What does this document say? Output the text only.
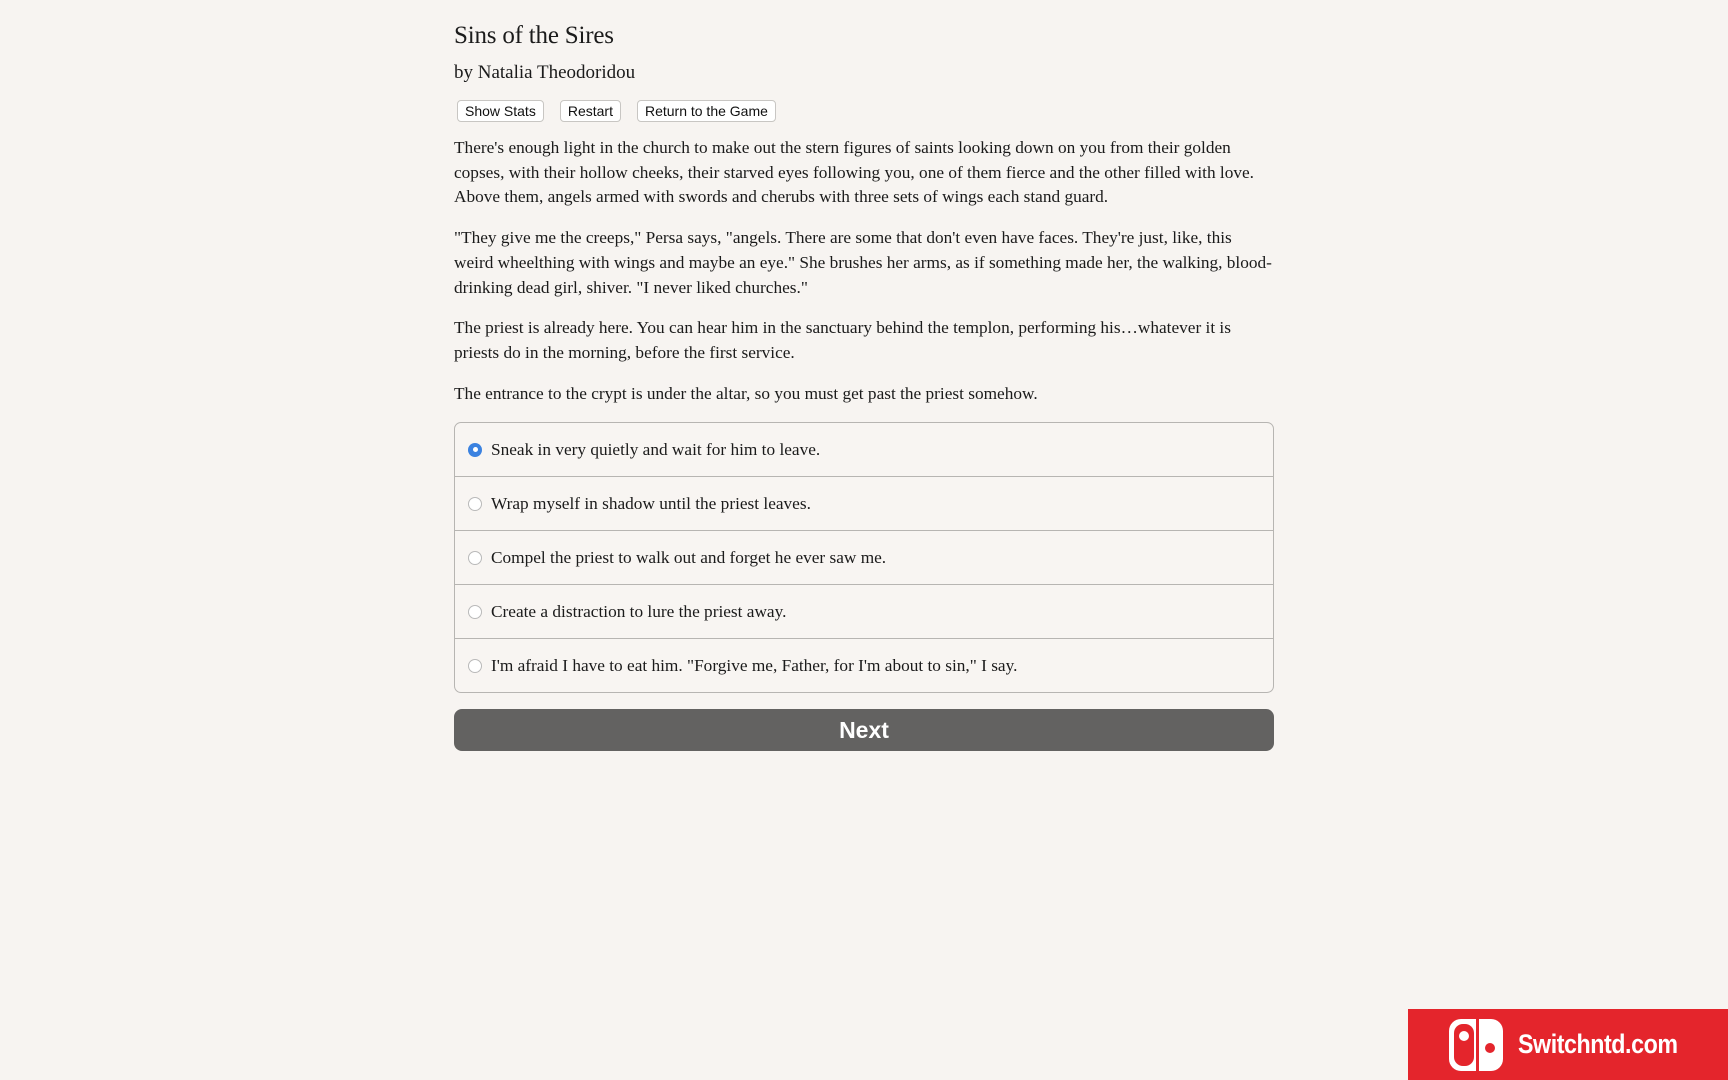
Sins of the Sires
by Natalia Theodoridou
Show Stats	Restart	Return to the Game

There's enough light in the church to make out the stern figures of saints looking down on you from their golden copses, with their hollow cheeks, their starved eyes following you, one of them fierce and the other filled with love. Above them, angels armed with swords and cherubs with three sets of wings each stand guard.

"They give me the creeps," Persa says, "angels. There are some that don't even have faces. They're just, like, this weird wheelthing with wings and maybe an eye." She brushes her arms, as if something made her, the walking, blood-drinking dead girl, shiver. "I never liked churches."

The priest is already here. You can hear him in the sanctuary behind the templon, performing his…whatever it is priests do in the morning, before the first service.

The entrance to the crypt is under the altar, so you must get past the priest somehow.

Sneak in very quietly and wait for him to leave.
Wrap myself in shadow until the priest leaves.
Compel the priest to walk out and forget he ever saw me.
Create a distraction to lure the priest away.
I'm afraid I have to eat him. "Forgive me, Father, for I'm about to sin," I say.
Next
Switchntd.com
